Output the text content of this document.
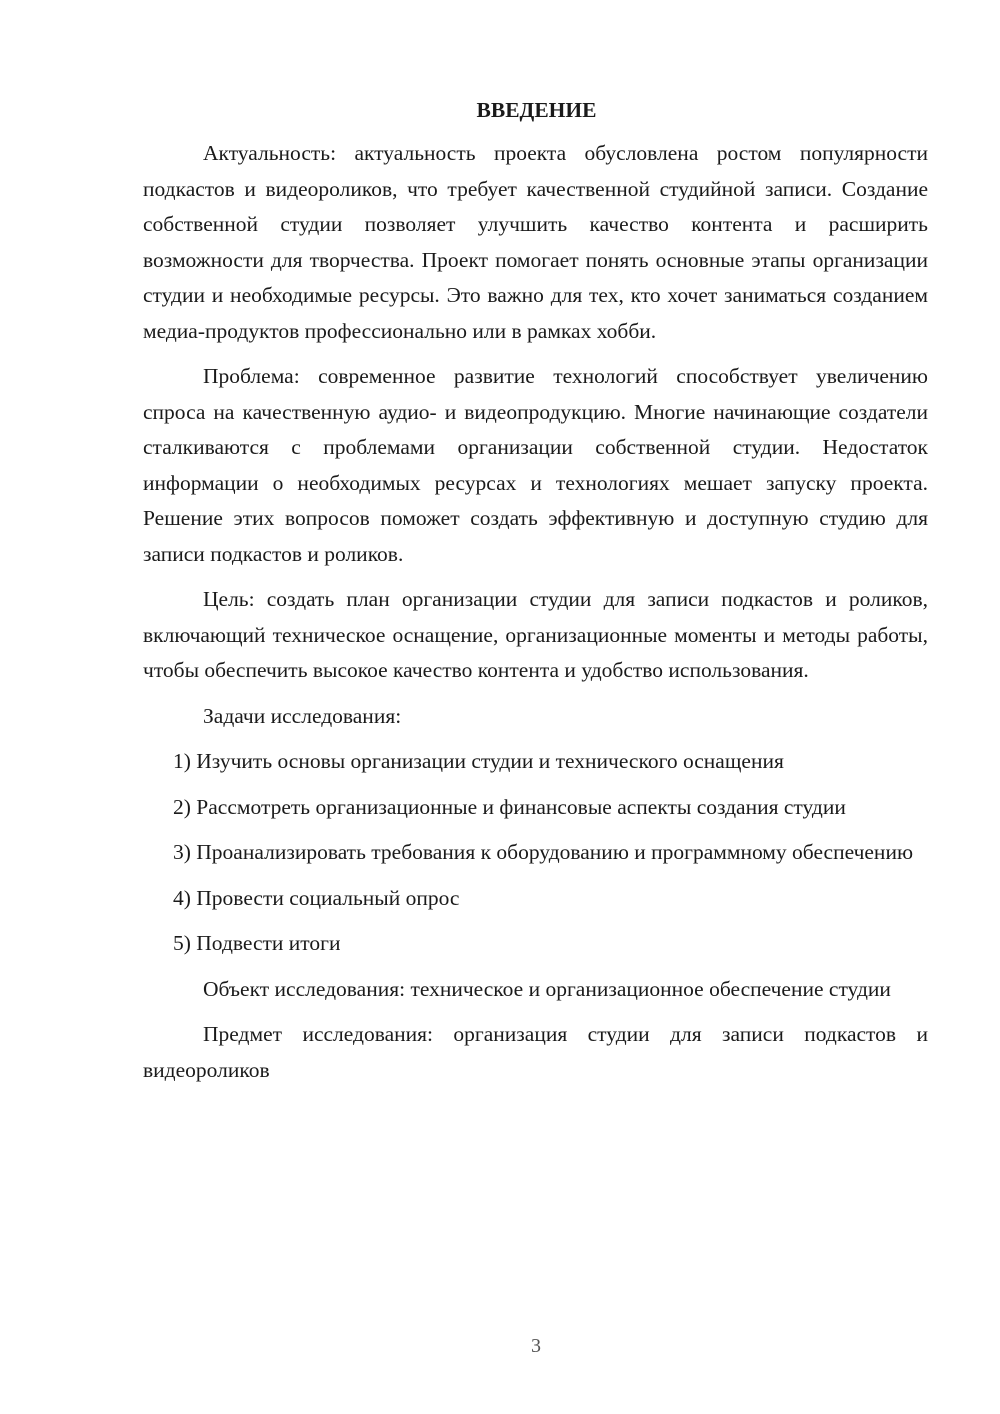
ВВЕДЕНИЕ

Актуальность: актуальность проекта обусловлена ростом популярности подкастов и видеороликов, что требует качественной студийной записи. Создание собственной студии позволяет улучшить качество контента и расширить возможности для творчества. Проект помогает понять основные этапы организации студии и необходимые ресурсы. Это важно для тех, кто хочет заниматься созданием медиа-продуктов профессионально или в рамках хобби.

Проблема: современное развитие технологий способствует увеличению спроса на качественную аудио- и видеопродукцию. Многие начинающие создатели сталкиваются с проблемами организации собственной студии. Недостаток информации о необходимых ресурсах и технологиях мешает запуску проекта. Решение этих вопросов поможет создать эффективную и доступную студию для записи подкастов и роликов.

Цель: создать план организации студии для записи подкастов и роликов, включающий техническое оснащение, организационные моменты и методы работы, чтобы обеспечить высокое качество контента и удобство использования.

Задачи исследования:

1) Изучить основы организации студии и технического оснащения

2) Рассмотреть организационные и финансовые аспекты создания студии

3) Проанализировать требования к оборудованию и программному обеспечению

4) Провести социальный опрос

5) Подвести итоги

Объект исследования: техническое и организационное обеспечение студии

Предмет исследования: организация студии для записи подкастов и видеороликов

3
